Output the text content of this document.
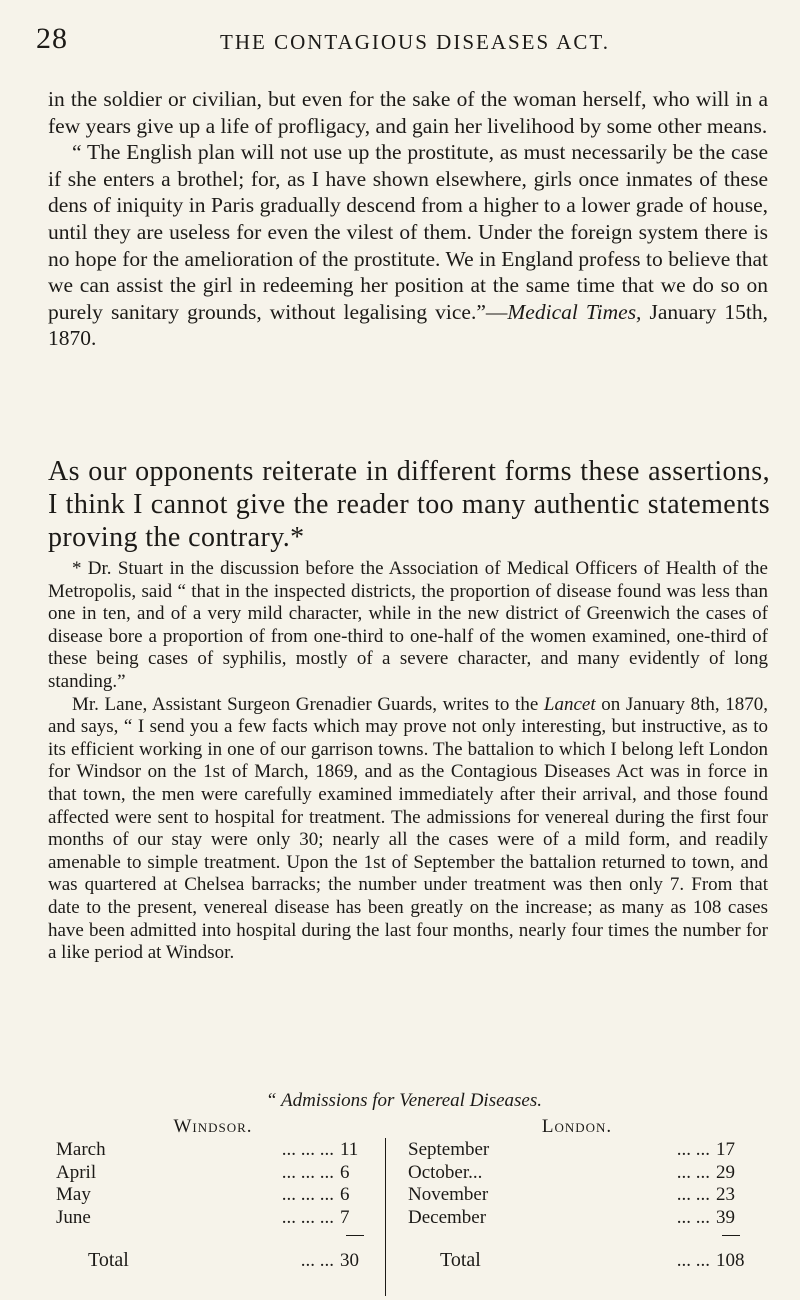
28	THE CONTAGIOUS DISEASES ACT.

in the soldier or civilian, but even for the sake of the woman herself, who will in a few years give up a life of profligacy, and gain her livelihood by some other means.

“ The English plan will not use up the prostitute, as must necessarily be the case if she enters a brothel; for, as I have shown elsewhere, girls once inmates of these dens of iniquity in Paris gradually descend from a higher to a lower grade of house, until they are useless for even the vilest of them. Under the foreign system there is no hope for the amelioration of the prostitute. We in England profess to believe that we can assist the girl in redeeming her position at the same time that we do so on purely sanitary grounds, without legalising vice.”—Medical Times, January 15th, 1870.

As our opponents reiterate in different forms these assertions, I think I cannot give the reader too many authentic statements proving the contrary.*

* Dr. Stuart in the discussion before the Association of Medical Officers of Health of the Metropolis, said “ that in the inspected districts, the proportion of disease found was less than one in ten, and of a very mild character, while in the new district of Greenwich the cases of disease bore a proportion of from one-third to one-half of the women examined, one-third of these being cases of syphilis, mostly of a severe character, and many evidently of long standing.”

Mr. Lane, Assistant Surgeon Grenadier Guards, writes to the Lancet on January 8th, 1870, and says, “ I send you a few facts which may prove not only interesting, but instructive, as to its efficient working in one of our garrison towns. The battalion to which I belong left London for Windsor on the 1st of March, 1869, and as the Contagious Diseases Act was in force in that town, the men were carefully examined immediately after their arrival, and those found affected were sent to hospital for treatment. The admissions for venereal during the first four months of our stay were only 30; nearly all the cases were of a mild form, and readily amenable to simple treatment. Upon the 1st of September the battalion returned to town, and was quartered at Chelsea barracks; the number under treatment was then only 7. From that date to the present, venereal disease has been greatly on the increase; as many as 108 cases have been admitted into hospital during the last four months, nearly four times the number for a like period at Windsor.

“ Admissions for Venereal Diseases.
Windsor.
March	... ... ... 11
April	... ... ... 6
May	... ... ... 6
June	... ... ... 7
Total	... ... 30
London.
September	... ... 17
October...	... ... 29
November	... ... 23
December	... ... 39
Total	... ... 108
